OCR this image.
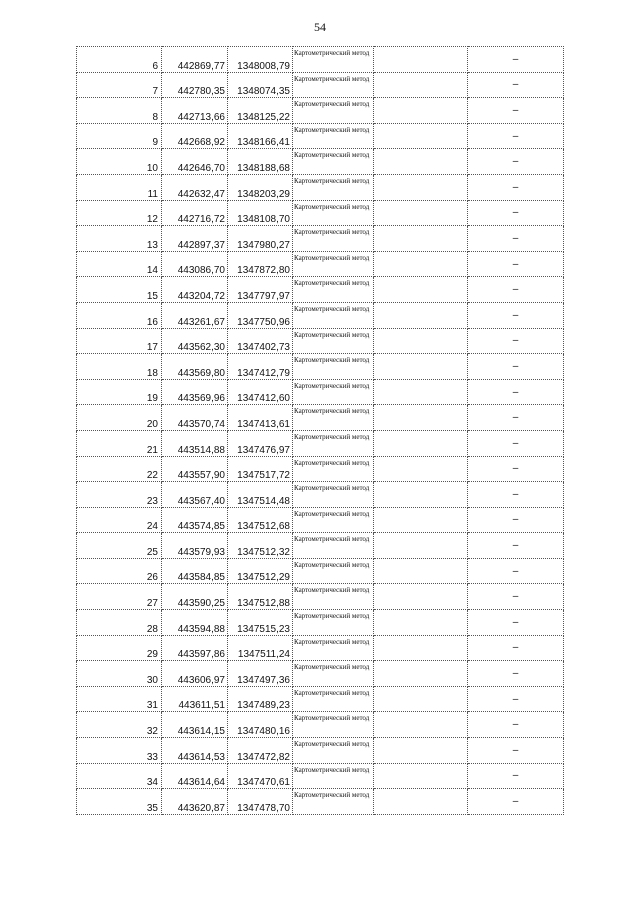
54
6	442869,77	1348008,79	Картометрический метод		–
7	442780,35	1348074,35	Картометрический метод		–
8	442713,66	1348125,22	Картометрический метод		–
9	442668,92	1348166,41	Картометрический метод		–
10	442646,70	1348188,68	Картометрический метод		–
11	442632,47	1348203,29	Картометрический метод		–
12	442716,72	1348108,70	Картометрический метод		–
13	442897,37	1347980,27	Картометрический метод		–
14	443086,70	1347872,80	Картометрический метод		–
15	443204,72	1347797,97	Картометрический метод		–
16	443261,67	1347750,96	Картометрический метод		–
17	443562,30	1347402,73	Картометрический метод		–
18	443569,80	1347412,79	Картометрический метод		–
19	443569,96	1347412,60	Картометрический метод		–
20	443570,74	1347413,61	Картометрический метод		–
21	443514,88	1347476,97	Картометрический метод		–
22	443557,90	1347517,72	Картометрический метод		–
23	443567,40	1347514,48	Картометрический метод		–
24	443574,85	1347512,68	Картометрический метод		–
25	443579,93	1347512,32	Картометрический метод		–
26	443584,85	1347512,29	Картометрический метод		–
27	443590,25	1347512,88	Картометрический метод		–
28	443594,88	1347515,23	Картометрический метод		–
29	443597,86	1347511,24	Картометрический метод		–
30	443606,97	1347497,36	Картометрический метод		–
31	443611,51	1347489,23	Картометрический метод		–
32	443614,15	1347480,16	Картометрический метод		–
33	443614,53	1347472,82	Картометрический метод		–
34	443614,64	1347470,61	Картометрический метод		–
35	443620,87	1347478,70	Картометрический метод		–
